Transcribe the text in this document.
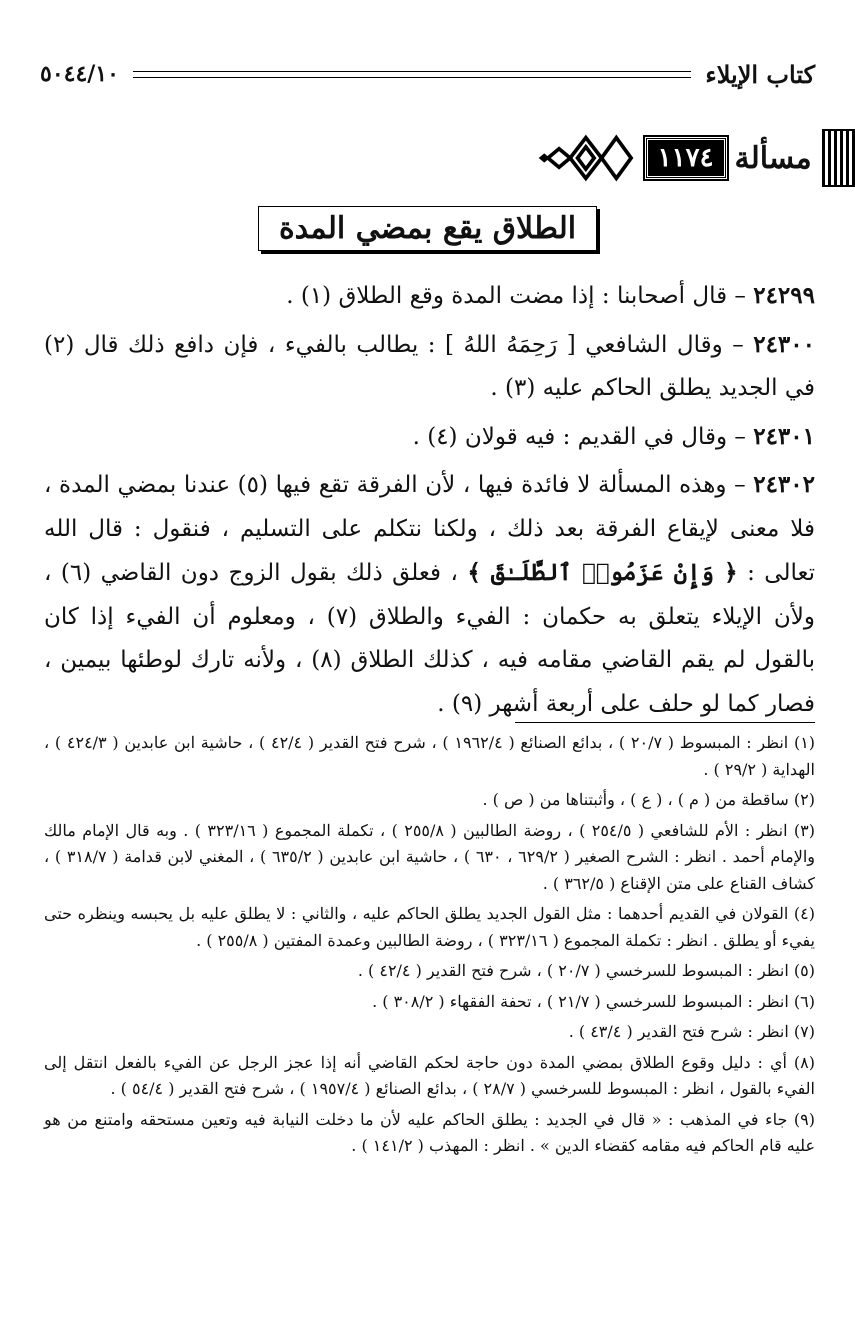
كتاب الإيلاء
٥٠٤٤/١٠
مسألة
١١٧٤
الطلاق يقع بمضي المدة

٢٤٢٩٩ – قال أصحابنا : إذا مضت المدة وقع الطلاق (١) .

٢٤٣٠٠ – وقال الشافعي [ رَحِمَهُ اللهُ ] : يطالب بالفيء ، فإن دافع ذلك قال (٢) في الجديد يطلق الحاكم عليه (٣) .

٢٤٣٠١ – وقال في القديم : فيه قولان (٤) .

٢٤٣٠٢ – وهذه المسألة لا فائدة فيها ، لأن الفرقة تقع فيها (٥) عندنا بمضي المدة ، فلا معنى لإيقاع الفرقة بعد ذلك ، ولكنا نتكلم على التسليم ، فنقول : قال الله تعالى : ﴿ وَإِنْ عَزَمُوا۟ ٱلطَّلَـٰقَ ﴾ ، فعلق ذلك بقول الزوج دون القاضي (٦) ، ولأن الإيلاء يتعلق به حكمان : الفيء والطلاق (٧) ، ومعلوم أن الفيء إذا كان بالقول لم يقم القاضي مقامه فيه ، كذلك الطلاق (٨) ، ولأنه تارك لوطئها بيمين ، فصار كما لو حلف على أربعة أشهر (٩) .

(١) انظر : المبسوط ( ٢٠/٧ ) ، بدائع الصنائع ( ١٩٦٢/٤ ) ، شرح فتح القدير ( ٤٢/٤ ) ، حاشية ابن عابدين ( ٤٢٤/٣ ) ، الهداية ( ٢٩/٢ ) .

(٢) ساقطة من ( م ) ، ( ع ) ، وأثبتناها من ( ص ) .

(٣) انظر : الأم للشافعي ( ٢٥٤/٥ ) ، روضة الطالبين ( ٢٥٥/٨ ) ، تكملة المجموع ( ٣٢٣/١٦ ) . وبه قال الإمام مالك والإمام أحمد . انظر : الشرح الصغير ( ٦٢٩/٢ ، ٦٣٠ ) ، حاشية ابن عابدين ( ٦٣٥/٢ ) ، المغني لابن قدامة ( ٣١٨/٧ ) ، كشاف القناع على متن الإقناع ( ٣٦٢/٥ ) .

(٤) القولان في القديم أحدهما : مثل القول الجديد يطلق الحاكم عليه ، والثاني : لا يطلق عليه بل يحبسه وينظره حتى يفيء أو يطلق . انظر : تكملة المجموع ( ٣٢٣/١٦ ) ، روضة الطالبين وعمدة المفتين ( ٢٥٥/٨ ) .

(٥) انظر : المبسوط للسرخسي ( ٢٠/٧ ) ، شرح فتح القدير ( ٤٢/٤ ) .

(٦) انظر : المبسوط للسرخسي ( ٢١/٧ ) ، تحفة الفقهاء ( ٣٠٨/٢ ) .

(٧) انظر : شرح فتح القدير ( ٤٣/٤ ) .

(٨) أي : دليل وقوع الطلاق بمضي المدة دون حاجة لحكم القاضي أنه إذا عجز الرجل عن الفيء بالفعل انتقل إلى الفيء بالقول ، انظر : المبسوط للسرخسي ( ٢٨/٧ ) ، بدائع الصنائع ( ١٩٥٧/٤ ) ، شرح فتح القدير ( ٥٤/٤ ) .

(٩) جاء في المذهب : « قال في الجديد : يطلق الحاكم عليه لأن ما دخلت النيابة فيه وتعين مستحقه وامتنع من هو عليه قام الحاكم فيه مقامه كقضاء الدين » . انظر : المهذب ( ١٤١/٢ ) .
